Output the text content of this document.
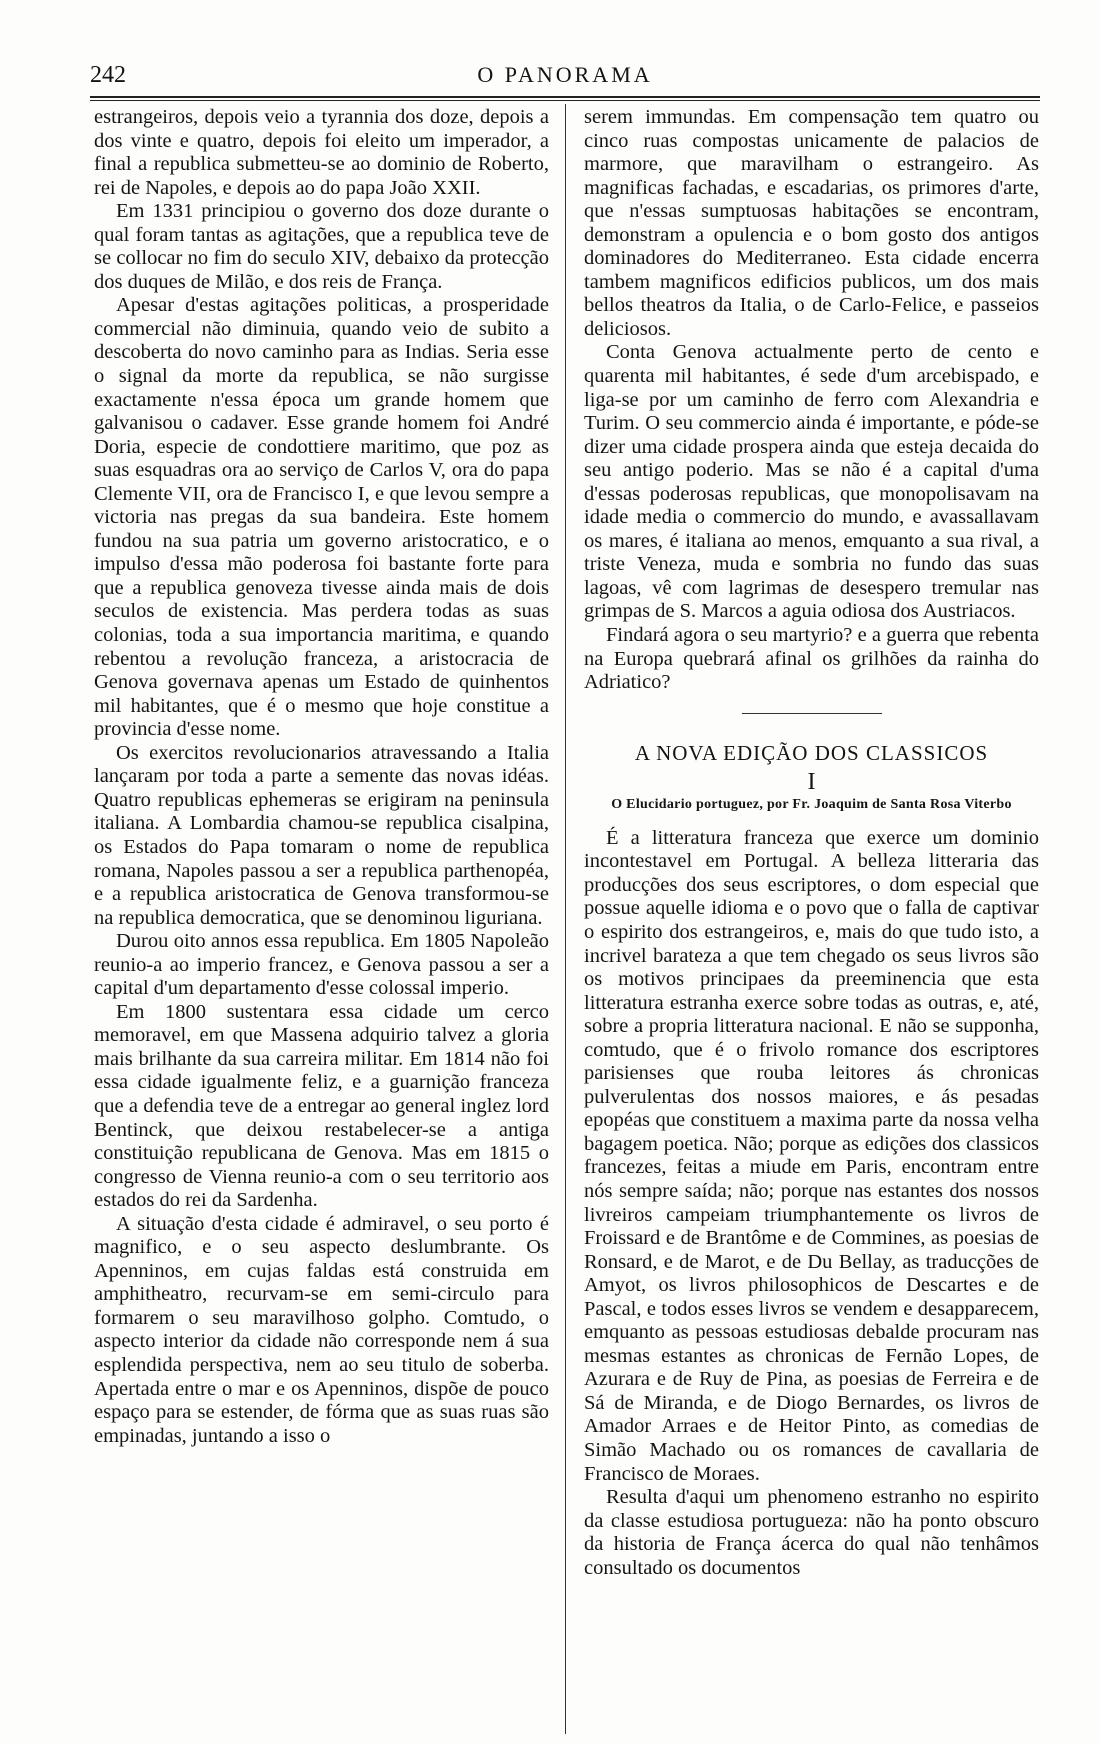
242	O PANORAMA

estrangeiros, depois veio a tyrannia dos doze, depois a dos vinte e quatro, depois foi eleito um imperador, a final a republica submetteu-se ao dominio de Roberto, rei de Napoles, e depois ao do papa João XXII.

Em 1331 principiou o governo dos doze durante o qual foram tantas as agitações, que a republica teve de se collocar no fim do seculo XIV, debaixo da protecção dos duques de Milão, e dos reis de França.

Apesar d'estas agitações politicas, a prosperidade commercial não diminuia, quando veio de subito a descoberta do novo caminho para as Indias. Seria esse o signal da morte da republica, se não surgisse exactamente n'essa época um grande homem que galvanisou o cadaver. Esse grande homem foi André Doria, especie de condottiere maritimo, que poz as suas esquadras ora ao serviço de Carlos V, ora do papa Clemente VII, ora de Francisco I, e que levou sempre a victoria nas pregas da sua bandeira. Este homem fundou na sua patria um governo aristocratico, e o impulso d'essa mão poderosa foi bastante forte para que a republica genoveza tivesse ainda mais de dois seculos de existencia. Mas perdera todas as suas colonias, toda a sua importancia maritima, e quando rebentou a revolução franceza, a aristocracia de Genova governava apenas um Estado de quinhentos mil habitantes, que é o mesmo que hoje constitue a provincia d'esse nome.

Os exercitos revolucionarios atravessando a Italia lançaram por toda a parte a semente das novas idéas. Quatro republicas ephemeras se erigiram na peninsula italiana. A Lombardia chamou-se republica cisalpina, os Estados do Papa tomaram o nome de republica romana, Napoles passou a ser a republica parthenopéa, e a republica aristocratica de Genova transformou-se na republica democratica, que se denominou liguriana.

Durou oito annos essa republica. Em 1805 Napoleão reunio-a ao imperio francez, e Genova passou a ser a capital d'um departamento d'esse colossal imperio.

Em 1800 sustentara essa cidade um cerco memoravel, em que Massena adquirio talvez a gloria mais brilhante da sua carreira militar. Em 1814 não foi essa cidade igualmente feliz, e a guarnição franceza que a defendia teve de a entregar ao general inglez lord Bentinck, que deixou restabelecer-se a antiga constituição republicana de Genova. Mas em 1815 o congresso de Vienna reunio-a com o seu territorio aos estados do rei da Sardenha.

A situação d'esta cidade é admiravel, o seu porto é magnifico, e o seu aspecto deslumbrante. Os Apenninos, em cujas faldas está construida em amphitheatro, recurvam-se em semi-circulo para formarem o seu maravilhoso golpho. Comtudo, o aspecto interior da cidade não corresponde nem á sua esplendida perspectiva, nem ao seu titulo de soberba. Apertada entre o mar e os Apenninos, dispõe de pouco espaço para se estender, de fórma que as suas ruas são empinadas, juntando a isso o

serem immundas. Em compensação tem quatro ou cinco ruas compostas unicamente de palacios de marmore, que maravilham o estrangeiro. As magnificas fachadas, e escadarias, os primores d'arte, que n'essas sumptuosas habitações se encontram, demonstram a opulencia e o bom gosto dos antigos dominadores do Mediterraneo. Esta cidade encerra tambem magnificos edificios publicos, um dos mais bellos theatros da Italia, o de Carlo-Felice, e passeios deliciosos.

Conta Genova actualmente perto de cento e quarenta mil habitantes, é sede d'um arcebispado, e liga-se por um caminho de ferro com Alexandria e Turim. O seu commercio ainda é importante, e póde-se dizer uma cidade prospera ainda que esteja decaida do seu antigo poderio. Mas se não é a capital d'uma d'essas poderosas republicas, que monopolisavam na idade media o commercio do mundo, e avassallavam os mares, é italiana ao menos, emquanto a sua rival, a triste Veneza, muda e sombria no fundo das suas lagoas, vê com lagrimas de desespero tremular nas grimpas de S. Marcos a aguia odiosa dos Austriacos.

Findará agora o seu martyrio? e a guerra que rebenta na Europa quebrará afinal os grilhões da rainha do Adriatico?

A NOVA EDIÇÃO DOS CLASSICOS
I
O Elucidario portuguez, por Fr. Joaquim de Santa Rosa Viterbo

É a litteratura franceza que exerce um dominio incontestavel em Portugal. A belleza litteraria das producções dos seus escriptores, o dom especial que possue aquelle idioma e o povo que o falla de captivar o espirito dos estrangeiros, e, mais do que tudo isto, a incrivel barateza a que tem chegado os seus livros são os motivos principaes da preeminencia que esta litteratura estranha exerce sobre todas as outras, e, até, sobre a propria litteratura nacional. E não se supponha, comtudo, que é o frivolo romance dos escriptores parisienses que rouba leitores ás chronicas pulverulentas dos nossos maiores, e ás pesadas epopéas que constituem a maxima parte da nossa velha bagagem poetica. Não; porque as edições dos classicos francezes, feitas a miude em Paris, encontram entre nós sempre saída; não; porque nas estantes dos nossos livreiros campeiam triumphantemente os livros de Froissard e de Brantôme e de Commines, as poesias de Ronsard, e de Marot, e de Du Bellay, as traducções de Amyot, os livros philosophicos de Descartes e de Pascal, e todos esses livros se vendem e desapparecem, emquanto as pessoas estudiosas debalde procuram nas mesmas estantes as chronicas de Fernão Lopes, de Azurara e de Ruy de Pina, as poesias de Ferreira e de Sá de Miranda, e de Diogo Bernardes, os livros de Amador Arraes e de Heitor Pinto, as comedias de Simão Machado ou os romances de cavallaria de Francisco de Moraes.

Resulta d'aqui um phenomeno estranho no espirito da classe estudiosa portugueza: não ha ponto obscuro da historia de França ácerca do qual não tenhâmos consultado os documentos
